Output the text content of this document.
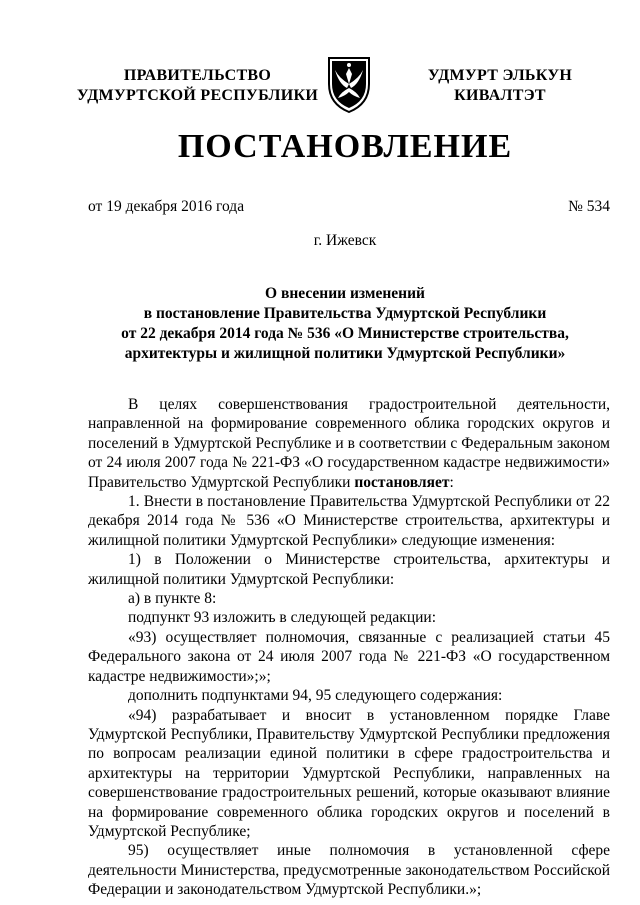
ПРАВИТЕЛЬСТВО
УДМУРТСКОЙ РЕСПУБЛИКИ
УДМУРТ ЭЛЬКУН
КИВАЛТЭТ
ПОСТАНОВЛЕНИЕ
от 19 декабря 2016 года	№ 534
г. Ижевск
О внесении изменений
в постановление Правительства Удмуртской Республики
от 22 декабря 2014 года № 536 «О Министерстве строительства,
архитектуры и жилищной политики Удмуртской Республики»

В целях совершенствования градостроительной деятельности, направленной на формирование современного облика городских округов и поселений в Удмуртской Республике и в соответствии с Федеральным законом от 24 июля 2007 года № 221-ФЗ «О государственном кадастре недвижимости» Правительство Удмуртской Республики постановляет:

1. Внести в постановление Правительства Удмуртской Республики от 22 декабря 2014 года № 536 «О Министерстве строительства, архитектуры и жилищной политики Удмуртской Республики» следующие изменения:

1) в Положении о Министерстве строительства, архитектуры и жилищной политики Удмуртской Республики:

а) в пункте 8:

подпункт 93 изложить в следующей редакции:

«93) осуществляет полномочия, связанные с реализацией статьи 45 Федерального закона от 24 июля 2007 года № 221-ФЗ «О государственном кадастре недвижимости»;»;

дополнить подпунктами 94, 95 следующего содержания:

«94) разрабатывает и вносит в установленном порядке Главе Удмуртской Республики, Правительству Удмуртской Республики предложения по вопросам реализации единой политики в сфере градостроительства и архитектуры на территории Удмуртской Республики, направленных на совершенствование градостроительных решений, которые оказывают влияние на формирование современного облика городских округов и поселений в Удмуртской Республике;

95) осуществляет иные полномочия в установленной сфере деятельности Министерства, предусмотренные законодательством Российской Федерации и законодательством Удмуртской Республики.»;
